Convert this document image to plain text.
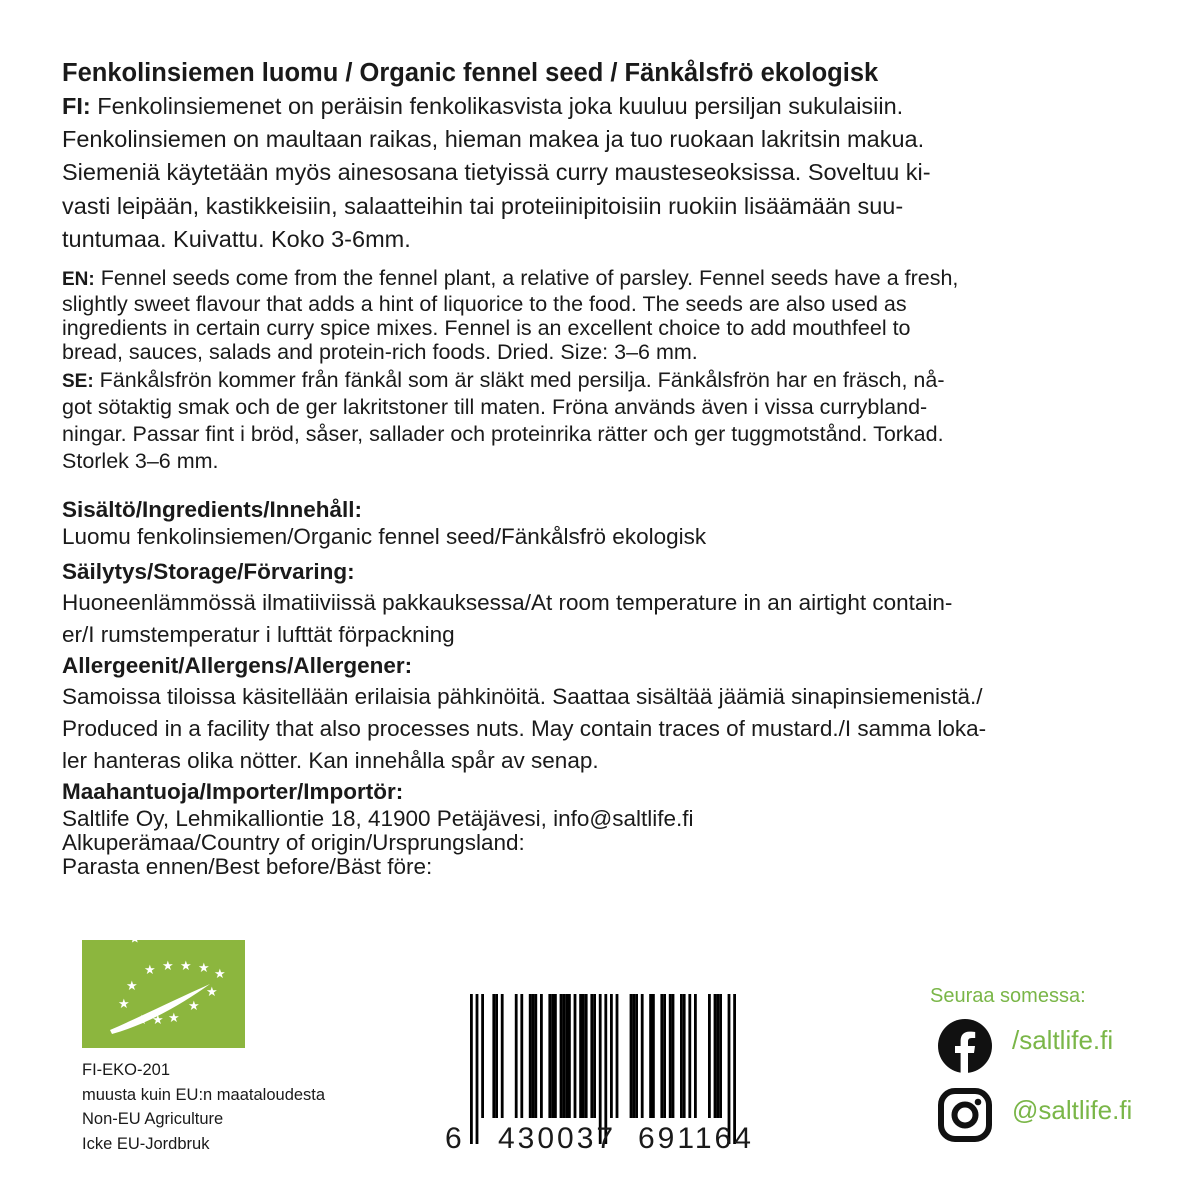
Fenkolinsiemen luomu / Organic fennel seed / Fänkålsfrö ekologisk

FI: Fenkolinsiemenet on peräisin fenkolikasvista joka kuuluu persiljan sukulaisiin.
Fenkolinsiemen on maultaan raikas, hieman makea ja tuo ruokaan lakritsin makua.
Siemeniä käytetään myös ainesosana tietyissä curry mausteseoksissa. Soveltuu ki-
vasti leipään, kastikkeisiin, salaatteihin tai proteiinipitoisiin ruokiin lisäämään suu-
tuntumaa. Kuivattu. Koko 3-6mm.

EN: Fennel seeds come from the fennel plant, a relative of parsley. Fennel seeds have a fresh,
slightly sweet flavour that adds a hint of liquorice to the food. The seeds are also used as
ingredients in certain curry spice mixes. Fennel is an excellent choice to add mouthfeel to
bread, sauces, salads and protein-rich foods. Dried. Size: 3–6 mm.

SE: Fänkålsfrön kommer från fänkål som är släkt med persilja. Fänkålsfrön har en fräsch, nå-
got sötaktig smak och de ger lakritstoner till maten. Fröna används även i vissa currybland-
ningar. Passar fint i bröd, såser, sallader och proteinrika rätter och ger tuggmotstånd. Torkad.
Storlek 3–6 mm.

Sisältö/Ingredients/Innehåll:

Luomu fenkolinsiemen/Organic fennel seed/Fänkålsfrö ekologisk

Säilytys/Storage/Förvaring:

Huoneenlämmössä ilmatiiviissä pakkauksessa/At room temperature in an airtight contain-
er/I rumstemperatur i lufttät förpackning

Allergeenit/Allergens/Allergener:

Samoissa tiloissa käsitellään erilaisia pähkinöitä. Saattaa sisältää jäämiä sinapinsiemenistä./
Produced in a facility that also processes nuts. May contain traces of mustard./I samma loka-
ler hanteras olika nötter. Kan innehålla spår av senap.

Maahantuoja/Importer/Importör:

Saltlife Oy, Lehmikalliontie 18, 41900 Petäjävesi, info@saltlife.fi
Alkuperämaa/Country of origin/Ursprungsland:
Parasta ennen/Best before/Bäst före:

★ ★ ★ ★ ★
★	★
★	★
★ ★
FI-EKO-201
muusta kuin EU:n maataloudesta
Non-EU Agriculture
Icke EU-Jordbruk	6 430037 691164
Seuraa somessa:
/saltlife.fi
@saltlife.fi
